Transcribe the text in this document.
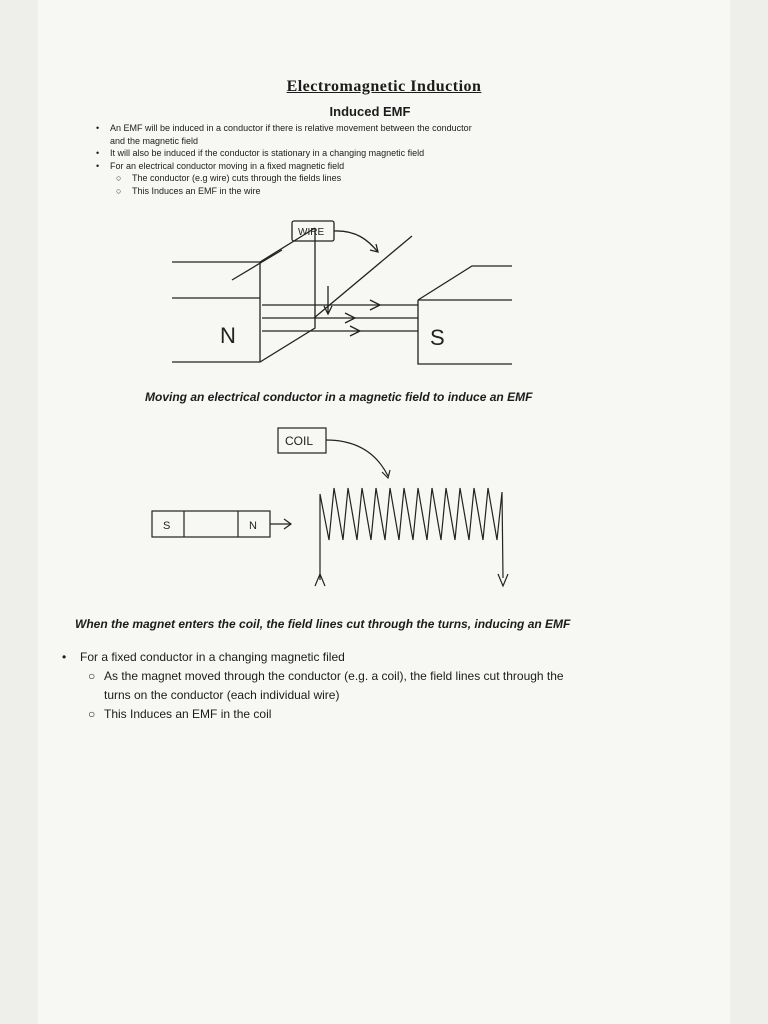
Electromagnetic Induction
Induced EMF
• An EMF will be induced in a conductor if there is relative movement between the conductor
and the magnetic field
• It will also be induced if the conductor is stationary in a changing magnetic field
• For an electrical conductor moving in a fixed magnetic field
○ The conductor (e.g wire) cuts through the fields lines
○ This Induces an EMF in the wire
WIRE
N	S
Moving an electrical conductor in a magnetic field to induce an EMF
COIL
S	N
When the magnet enters the coil, the field lines cut through the turns, inducing an EMF
• For a fixed conductor in a changing magnetic filed
○ As the magnet moved through the conductor (e.g. a coil), the field lines cut through the
turns on the conductor (each individual wire)
○ This Induces an EMF in the coil
